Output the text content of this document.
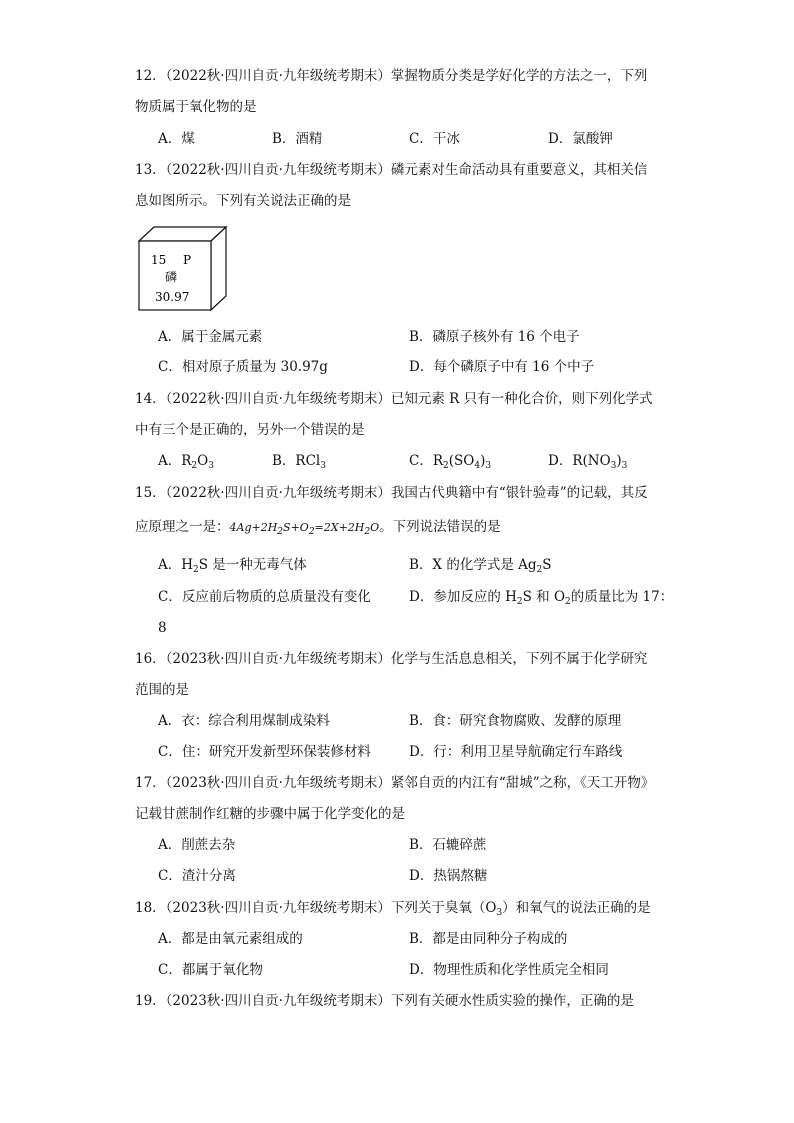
12．（2022秋·四川自贡·九年级统考期末）掌握物质分类是学好化学的方法之一，下列
物质属于氧化物的是
A．煤	B．酒精	C．干冰	D．氯酸钾
13．（2022秋·四川自贡·九年级统考期末）磷元素对生命活动具有重要意义，其相关信
息如图所示。下列有关说法正确的是
15 P
磷
30.97
A．属于金属元素	B．磷原子核外有 16 个电子
C．相对原子质量为 30.97g	D．每个磷原子中有 16 个中子
14．（2022秋·四川自贡·九年级统考期末）已知元素 R 只有一种化合价，则下列化学式
中有三个是正确的，另外一个错误的是
A．$R_2O_3$	B．RCl$_3$	C．$R_2(SO_4)_3$	D．$R(NO_3)_3$
15．（2022秋·四川自贡·九年级统考期末）我国古代典籍中有“银针验毒”的记载，其反
应原理之一是：$4Ag+2H_2S+O_2=2X+2H_2O$。下列说法错误的是
A．$H_2S$ 是一种无毒气体	B．X 的化学式是 $Ag_2S$
C．反应前后物质的总质量没有变化	D．参加反应的 $H_2S$ 和 $O_2$的质量比为 17：
8
16．（2023秋·四川自贡·九年级统考期末）化学与生活息息相关，下列不属于化学研究
范围的是
A．衣：综合利用煤制成染料	B．食：研究食物腐败、发酵的原理
C．住：研究开发新型环保装修材料	D．行：利用卫星导航确定行车路线
17．（2023秋·四川自贡·九年级统考期末）紧邻自贡的内江有“甜城”之称，《天工开物》
记载甘蔗制作红糖的步骤中属于化学变化的是
A．削蔗去杂	B．石辘碎蔗
C．渣汁分离	D．热锅熬糖
18．（2023秋·四川自贡·九年级统考期末）下列关于臭氧$(O_3)$和氧气的说法正确的是
A．都是由氧元素组成的	B．都是由同种分子构成的
C．都属于氧化物	D．物理性质和化学性质完全相同
19．（2023秋·四川自贡·九年级统考期末）下列有关硬水性质实验的操作，正确的是
